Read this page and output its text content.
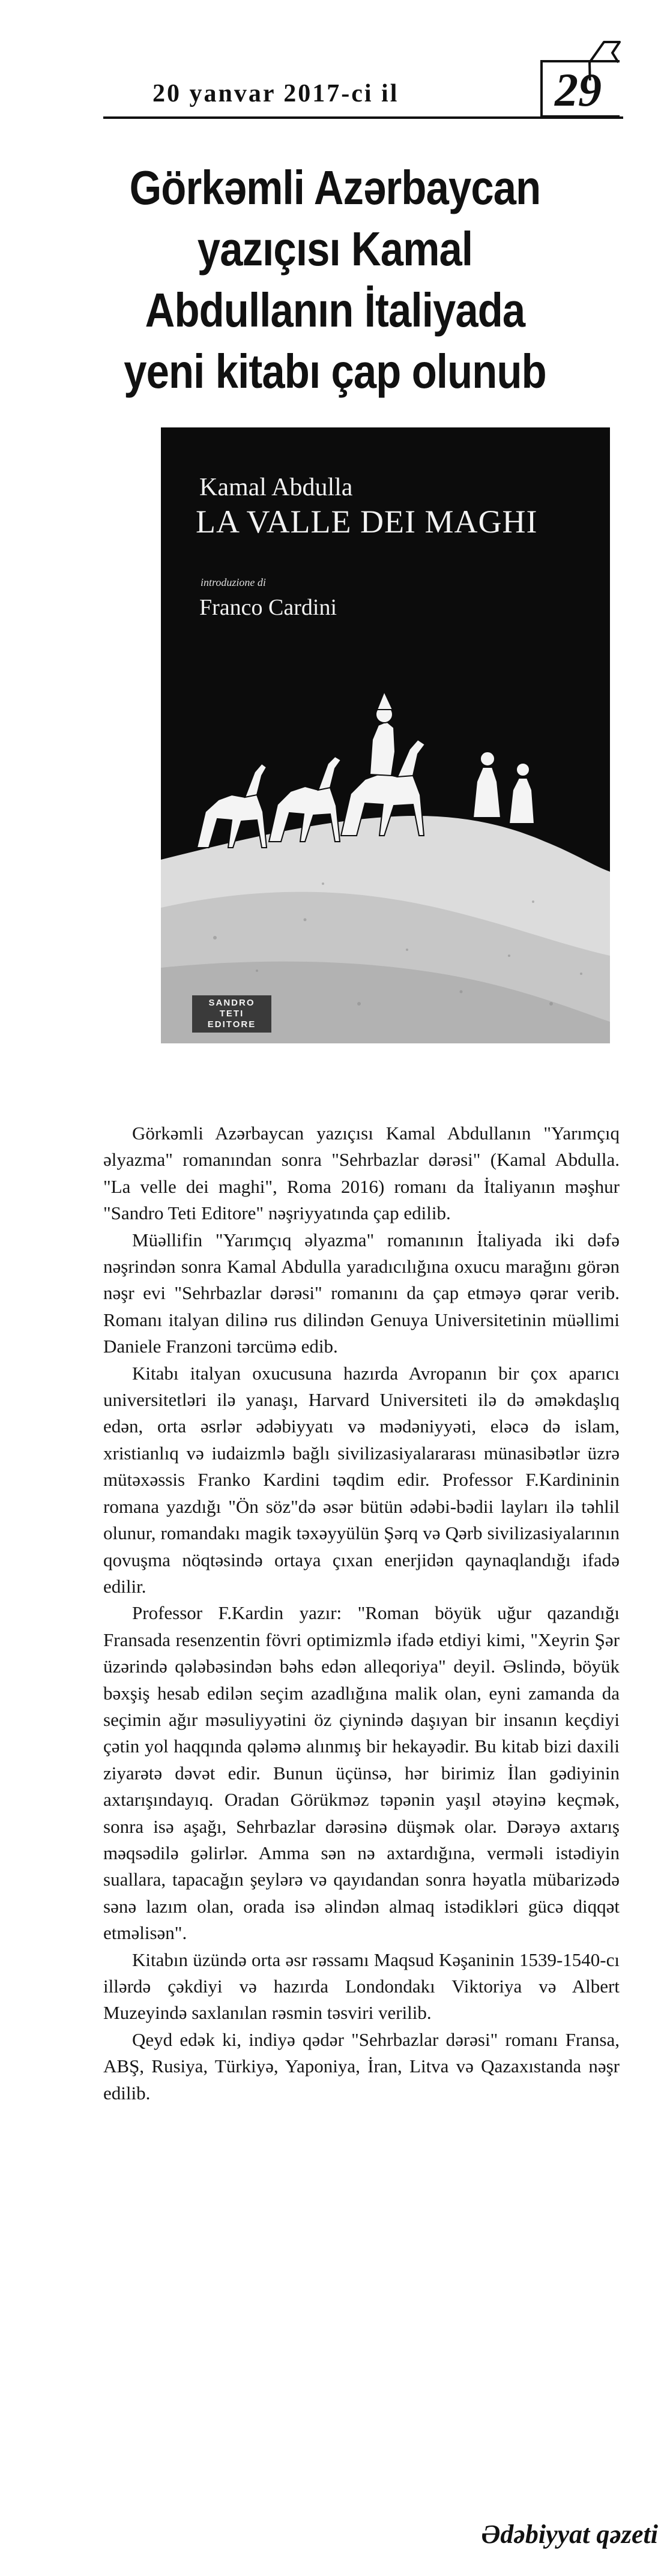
20 yanvar 2017-ci il	29
Görkəmli Azərbaycan yazıçısı Kamal Abdullanın İtaliyada yeni kitabı çap olunub
Kamal Abdulla
LA VALLE DEI MAGHI
introduzione di
Franco Cardini
SANDRO TETI EDITORE

Görkəmli Azərbaycan yazıçısı Kamal Abdullanın "Yarımçıq əlyazma" romanından sonra "Sehrbazlar dərəsi" (Kamal Abdulla. "La velle dei maghi", Roma 2016) romanı da İtaliyanın məşhur "Sandro Teti Editore" nəşriyyatında çap edilib.

Müəllifin "Yarımçıq əlyazma" romanının İtaliyada iki dəfə nəşrindən sonra Kamal Abdulla yaradıcılığına oxucu marağını görən nəşr evi "Sehrbazlar dərəsi" romanını da çap etməyə qərar verib. Romanı italyan dilinə rus dilindən Genuya Universitetinin müəllimi Daniele Franzoni tərcümə edib.

Kitabı italyan oxucusuna hazırda Avropanın bir çox aparıcı universitetləri ilə yanaşı, Harvard Universiteti ilə də əməkdaşlıq edən, orta əsrlər ədəbiyyatı və mədəniyyəti, eləcə də islam, xristianlıq və iudaizmlə bağlı sivilizasiyalararası münasibətlər üzrə mütəxəssis Franko Kardini təqdim edir. Professor F.Kardininin romana yazdığı "Ön söz"də əsər bütün ədəbi-bədii layları ilə təhlil olunur, romandakı magik təxəyyülün Şərq və Qərb sivilizasiyalarının qovuşma nöqtəsində ortaya çıxan enerjidən qaynaqlandığı ifadə edilir.

Professor F.Kardin yazır: "Roman böyük uğur qazandığı Fransada resenzentin fövri optimizmlə ifadə etdiyi kimi, "Xeyrin Şər üzərində qələbəsindən bəhs edən alleqoriya" deyil. Əslində, böyük bəxşiş hesab edilən seçim azadlığına malik olan, eyni zamanda da seçimin ağır məsuliyyətini öz çiynində daşıyan bir insanın keçdiyi çətin yol haqqında qələmə alınmış bir hekayədir. Bu kitab bizi daxili ziyarətə dəvət edir. Bunun üçünsə, hər birimiz İlan gədiyinin axtarışındayıq. Oradan Görükməz təpənin yaşıl ətəyinə keçmək, sonra isə aşağı, Sehrbazlar dərəsinə düşmək olar. Dərəyə axtarış məqsədilə gəlirlər. Amma sən nə axtardığına, verməli istədiyin suallara, tapacağın şeylərə və qayıdandan sonra həyatla mübarizədə sənə lazım olan, orada isə əlindən almaq istədikləri gücə diqqət etməlisən".

Kitabın üzündə orta əsr rəssamı Maqsud Kəşaninin 1539-1540-cı illərdə çəkdiyi və hazırda Londondakı Viktoriya və Albert Muzeyində saxlanılan rəsmin təsviri verilib.

Qeyd edək ki, indiyə qədər "Sehrbazlar dərəsi" romanı Fransa, ABŞ, Rusiya, Türkiyə, Yaponiya, İran, Litva və Qazaxıstanda nəşr edilib.

Ədəbiyyat qəzeti
